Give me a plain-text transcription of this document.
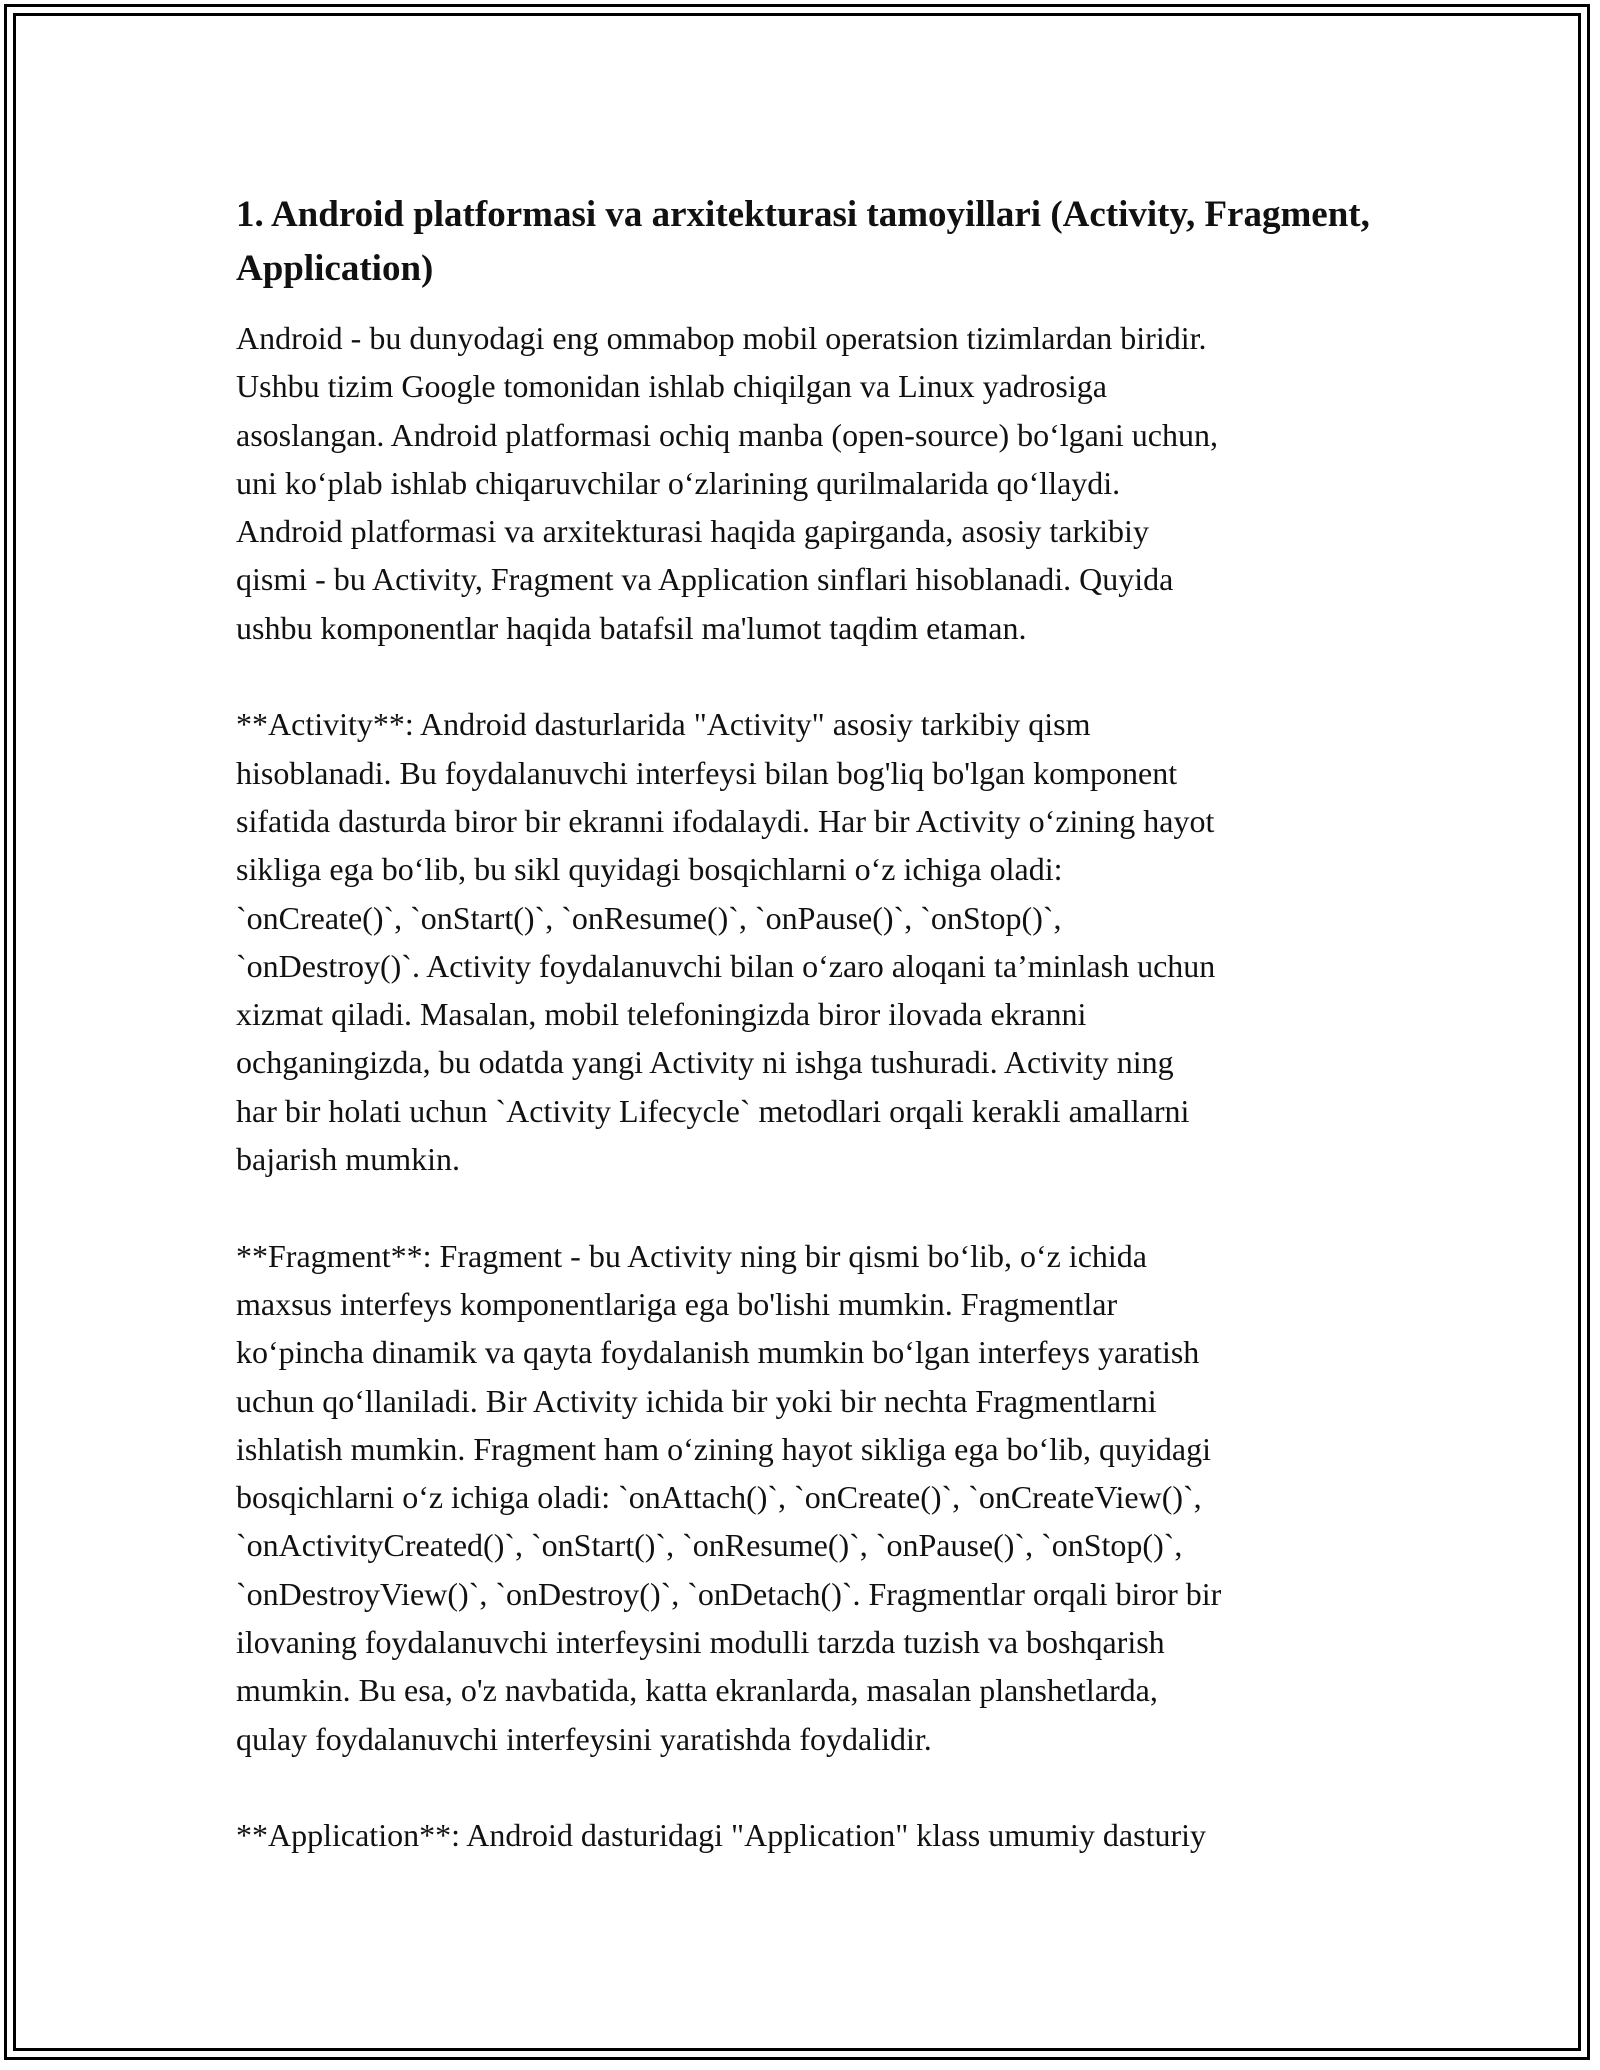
1. Android platformasi va arxitekturasi tamoyillari (Activity, Fragment, Application)

Android - bu dunyodagi eng ommabop mobil operatsion tizimlardan biridir.
Ushbu tizim Google tomonidan ishlab chiqilgan va Linux yadrosiga
asoslangan. Android platformasi ochiq manba (open-source) boʻlgani uchun,
uni koʻplab ishlab chiqaruvchilar oʻzlarining qurilmalarida qoʻllaydi.
Android platformasi va arxitekturasi haqida gapirganda, asosiy tarkibiy
qismi - bu Activity, Fragment va Application sinflari hisoblanadi. Quyida
ushbu komponentlar haqida batafsil ma'lumot taqdim etaman.

**Activity**: Android dasturlarida "Activity" asosiy tarkibiy qism
hisoblanadi. Bu foydalanuvchi interfeysi bilan bog'liq bo'lgan komponent
sifatida dasturda biror bir ekranni ifodalaydi. Har bir Activity oʻzining hayot
sikliga ega boʻlib, bu sikl quyidagi bosqichlarni oʻz ichiga oladi:
`onCreate()`, `onStart()`, `onResume()`, `onPause()`, `onStop()`,
`onDestroy()`. Activity foydalanuvchi bilan oʻzaro aloqani ta’minlash uchun
xizmat qiladi. Masalan, mobil telefoningizda biror ilovada ekranni
ochganingizda, bu odatda yangi Activity ni ishga tushuradi. Activity ning
har bir holati uchun `Activity Lifecycle` metodlari orqali kerakli amallarni
bajarish mumkin.

**Fragment**: Fragment - bu Activity ning bir qismi boʻlib, oʻz ichida
maxsus interfeys komponentlariga ega bo'lishi mumkin. Fragmentlar
koʻpincha dinamik va qayta foydalanish mumkin boʻlgan interfeys yaratish
uchun qoʻllaniladi. Bir Activity ichida bir yoki bir nechta Fragmentlarni
ishlatish mumkin. Fragment ham oʻzining hayot sikliga ega boʻlib, quyidagi
bosqichlarni oʻz ichiga oladi: `onAttach()`, `onCreate()`, `onCreateView()`,
`onActivityCreated()`, `onStart()`, `onResume()`, `onPause()`, `onStop()`,
`onDestroyView()`, `onDestroy()`, `onDetach()`. Fragmentlar orqali biror bir
ilovaning foydalanuvchi interfeysini modulli tarzda tuzish va boshqarish
mumkin. Bu esa, o'z navbatida, katta ekranlarda, masalan planshetlarda,
qulay foydalanuvchi interfeysini yaratishda foydalidir.

**Application**: Android dasturidagi "Application" klass umumiy dasturiy
